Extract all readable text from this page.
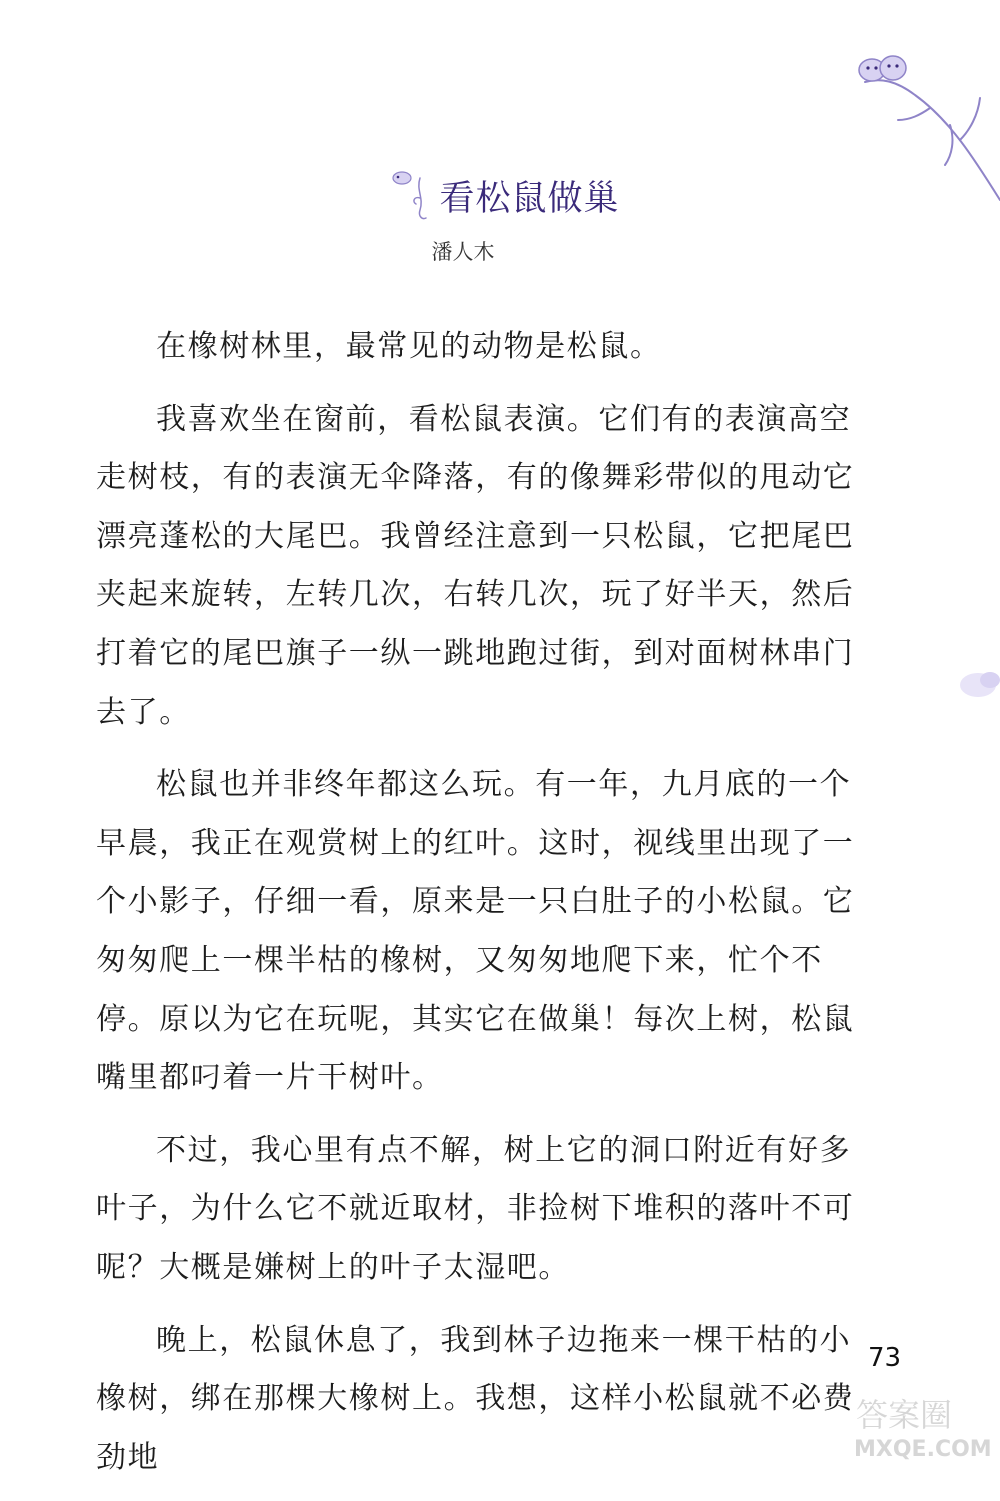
看松鼠做巢
潘人木

在橡树林里，最常见的动物是松鼠。

我喜欢坐在窗前，看松鼠表演。它们有的表演高空走树枝，有的表演无伞降落，有的像舞彩带似的甩动它漂亮蓬松的大尾巴。我曾经注意到一只松鼠，它把尾巴夹起来旋转，左转几次，右转几次，玩了好半天，然后打着它的尾巴旗子一纵一跳地跑过街，到对面树林串门去了。

松鼠也并非终年都这么玩。有一年，九月底的一个早晨，我正在观赏树上的红叶。这时，视线里出现了一个小影子，仔细一看，原来是一只白肚子的小松鼠。它匆匆爬上一棵半枯的橡树，又匆匆地爬下来，忙个不停。原以为它在玩呢，其实它在做巢！每次上树，松鼠嘴里都叼着一片干树叶。

不过，我心里有点不解，树上它的洞口附近有好多叶子，为什么它不就近取材，非捡树下堆积的落叶不可呢？大概是嫌树上的叶子太湿吧。

晚上，松鼠休息了，我到林子边拖来一棵干枯的小橡树，绑在那棵大橡树上。我想，这样小松鼠就不必费劲地

73
答案圈
MXQE.COM
